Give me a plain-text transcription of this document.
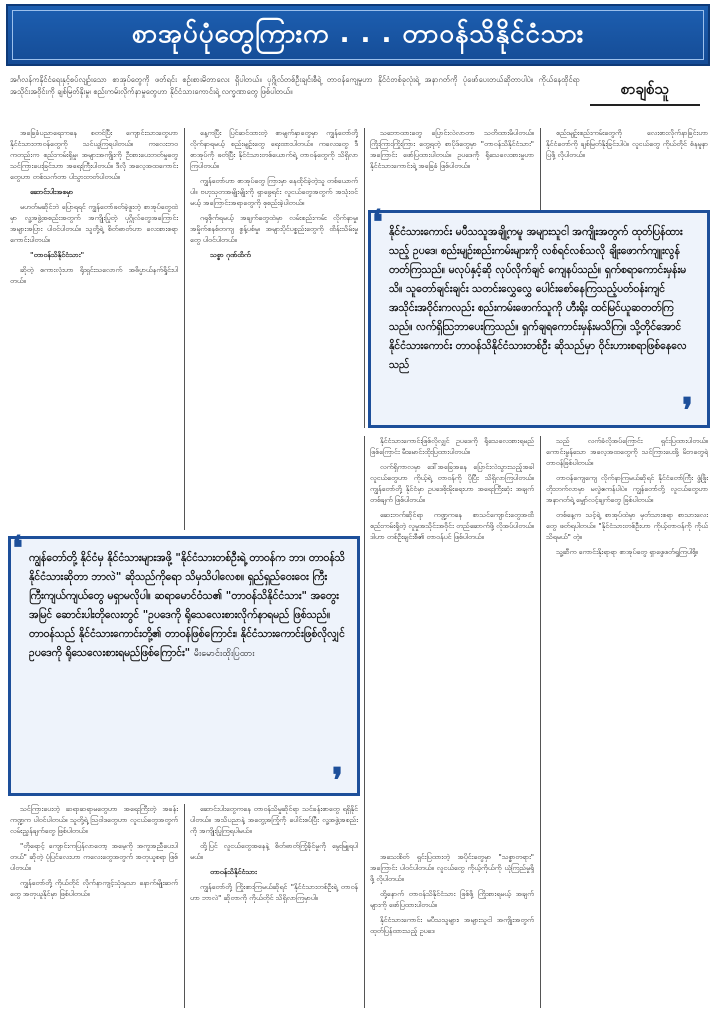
စာအုပ်ပုံတွေကြားက . . . တာဝန်သိနိုင်ငံသား
အင်္ဂလန်ကနိုင်ငံရေးနှင့်စပ်လျဉ်းသော စာအုပ်တွေကို ဖတ်ရင်း စဉ်းစားမိတာလေး ရှိပါတယ်။ ပုဂ္ဂိုလ်တစ်ဦးချင်းစီရဲ့ တာဝန်ကျေမှုဟာ နိုင်ငံတစ်ခုလုံးရဲ့ အနာဂတ်ကို ပုံဖော်ပေးတယ်ဆိုတာပါပဲ။ ကိုယ်နေထိုင်ရာ အသိုင်းအဝိုင်းကို ချစ်မြတ်နိုးမှု၊ စည်းကမ်းလိုက်နာမှုတွေဟာ နိုင်ငံသားကောင်းရဲ့ လက္ခဏာတွေ ဖြစ်ပါတယ်။	စာချစ်သူ

အခြေခံပညာရေးကနေ စတင်ပြီး ကျောင်းသားတွေဟာ နိုင်ငံသားတာဝန်တွေကို သင်ယူကြရပါတယ်။ ကလေးဘဝကတည်းက စည်းကမ်းရှိမှု၊ အများအကျိုးကို ဦးစားပေးတတ်မှုတွေ သင်ကြားပေးခြင်းဟာ အရေးကြီးပါတယ်။ ဒီလို အလေ့အထကောင်းတွေဟာ တစ်သက်တာ ပါသွားတတ်ပါတယ်။

ဆောင်းပါးအစမှာ

မဟတ်မဆိုင်ဘဲ ပြောရရင် ကျွန်တော်ဖတ်ခဲ့ဖူးတဲ့ စာအုပ်တွေထဲမှာ လူ့အဖွဲ့အစည်းအတွက် အကျိုးပြုတဲ့ ပုဂ္ဂိုလ်တွေအကြောင်း အများအပြား ပါဝင်ပါတယ်။ သူတို့ရဲ့ စိတ်ဓာတ်ဟာ လေးစားစရာကောင်းပါတယ်။

"တာဝန်သိနိုင်ငံသား"

ဆိုတဲ့ စကားလုံးဟာ ရိုးရှင်းသလောက် အဓိပ္ပာယ်နက်ရှိုင်းပါတယ်။

နေ့ကပြီး ပြင်ဆင်ထားတဲ့ စာမျက်နှာတွေမှာ ကျွန်တော်တို့ လိုက်နာရမယ့် စည်းမျဉ်းတွေ ရေးထားပါတယ်။ ကလေးတွေ ဒီစာအုပ်ကို ဖတ်ပြီး နိုင်ငံသားတစ်ယောက်ရဲ့ တာဝန်တွေကို သိရှိလာကြပါတယ်။

ကျွန်တော်ဟာ စာအုပ်တွေ ကြားမှာ နေထိုင်ခဲ့တဲ့သူ တစ်ယောက်ပါ။ ဗဟုသုတအမျိုးမျိုးကို ရှာဖွေရင်း လူငယ်တွေအတွက် အသုံးဝင်မယ့် အကြောင်းအရာတွေကို စုစည်းခဲ့ပါတယ်။

ဂရုစိုက်ရမယ့် အချက်တွေထဲမှာ လမ်းစည်းကမ်း လိုက်နာမှု၊ အမှိုက်စနစ်တကျ စွန့်ပစ်မှု၊ အများပိုင်ပစ္စည်းတွေကို ထိန်းသိမ်းမှုတွေ ပါဝင်ပါတယ်။

သစ္စာ ဂုဏ်ထိက်

သဘောထားတွေ ပြောင်းလဲလာတာ သတိထားမိပါတယ်။ ကြိုးကြားကြိုးကြား တွေ့ရတဲ့ စာပိုဒ်တွေမှာ "တာဝန်သိနိုင်ငံသား" အကြောင်း ဖော်ပြထားပါတယ်။ ဥပဒေကို ရိုသေလေးစားမှုဟာ နိုင်ငံသားကောင်းရဲ့ အခြေခံ ဖြစ်ပါတယ်။

စည်းမျဉ်းစည်းကမ်းတွေကို လေးစားလိုက်နာခြင်းဟာ နိုင်ငံတော်ကို ချစ်မြတ်နိုးခြင်းပါပဲ။ လူငယ်တွေ ကိုယ်တိုင် စံနမူနာပြဖို့ လိုပါတယ်။

နိုင်ငံသားကောင်း မပီသသူအချို့ကမူ အများသူငါ အကျိုးအတွက် ထုတ်ပြန်ထားသည့် ဥပဒေ၊ စည်းမျဉ်းစည်းကမ်းများကို လစ်ရင်လစ်သလို ချိုးဖောက်ကျူးလွန်တတ်ကြသည်။ မလုပ်နှင့်ဆို လုပ်လိုက်ချင် ကျေနပ်သည်။ ရှက်စရာကောင်းမှန်းမသိ။ သူတော်ချင်းချင်း သတင်းလွှေလွှေ ပေါင်းစော်နေကြသည့်ပတ်ဝန်းကျင် အသိုင်းအဝိုင်းကလည်း စည်းကမ်းဖောက်သူကို ဟီးရိုး ထင်မြင်ယူဆတတ်ကြသည်။ လက်ရှိသြဘာပေးကြသည်။ ရှက်ချရကောင်းမှန်းမသိကြ။ သို့တိုင်အောင် နိုင်ငံသားကောင်း တာဝန်သိနိုင်ငံသားတစ်ဦး ဆိုသည်မှာ ဝိုင်းဟားစရာဖြစ်နေလေသည်
❛
❜

နိုင်ငံသားကောင်းဖြစ်လိုလျှင် ဥပဒေကို ရိုသေလေးစားရမည်ဖြစ်ကြောင်း မီးမောင်းထိုးပြထားပါတယ်။

လက်ရှိကာလမှာ ဒေါ်အခြေအနေ ပြောင်းလဲသွားသည့်အခါ လူငယ်တွေဟာ ကိုယ့်ရဲ့ တာဝန်ကို ပိုပြီး သိရှိလာကြပါတယ်။ ကျွန်တော်တို့ နိုင်ငံမှာ ဥပဒေစိုးမိုးရေးဟာ အရေးကြီးဆုံး အချက်တစ်ချက် ဖြစ်ပါတယ်။

ဆေးဘက်ဆိုင်ရာ ကဏ္ဍကနေ စာသင်ကျောင်းတွေအထိ စည်းကမ်းရှိတဲ့ လူမှုအသိုင်းအဝိုင်း တည်ဆောက်ဖို့ လိုအပ်ပါတယ်။ ဒါဟာ တစ်ဦးချင်းစီ၏ တာဝန်ပင် ဖြစ်ပါတယ်။

သည် လက်ခံလိုအပ်ကြောင်း ရှင်းပြထားပါတယ်။ ကောင်းမွန်သော အလေ့အထတွေကို သင်ကြားပေးဖို့ မိဘတွေရဲ့ တာဝန်ဖြစ်ပါတယ်။

တာဝန်ကျေကျေ လိုက်နာကြမယ်ဆိုရင် နိုင်ငံတော်ကြီး ဖွံ့ဖြိုးတိုးတက်လာမှာ မလွဲဧကန်ပါပဲ။ ကျွန်တော်တို့ လူငယ်တွေဟာ အနာဂတ်ရဲ့ မျှော်လင့်ချက်တွေ ဖြစ်ပါတယ်။

တစ်နေ့က သင့်ရဲ့ စာအုပ်ထဲမှာ မှတ်သားစရာ စာသားလေးတွေ ဖတ်ရပါတယ်။ "နိုင်ငံသားတစ်ဦးဟာ ကိုယ့်တာဝန်ကို ကိုယ်သိရမယ်" တဲ့။

သူ့ဆီက ကောင်းနိုးရာရာ စာအုပ်တွေ ရှာဖွေဖတ်ရှုကြပါစို့။

ကျွန်တော်တို့ နိုင်ငံမှ နိုင်ငံသားများအဖို့ "နိုင်ငံသားတစ်ဦးရဲ့ တာဝန်က ဘာ၊ တာဝန်သိနိုင်ငံသားဆိုတာ ဘာလဲ" ဆိုသည်ကိုရော သိမှသိပါလေစ။ ရှည်ရှည်ဝေးဝေး ကြီးကြီးကျယ်ကျယ်တွေ မရှာမလိုပါ။ ဆရာမောင်ဝံသ၏ "တာဝန်သိနိုင်ငံသား" အတွေးအမြင် ဆောင်းပါးတိုလေးတွင် "ဥပဒေကို ရိုသေလေးစားလိုက်နာရမည် ဖြစ်သည်။ တာဝန်သည် နိုင်ငံသားကောင်းတို့၏ တာဝန်ဖြစ်ကြောင်း၊ နိုင်ငံသားကောင်းဖြစ်လိုလျှင် ဥပဒေကို ရိုသေလေးစားရမည်ဖြစ်ကြောင်း" မီးမောင်းထိုးပြထား
❛
❜

သင်ကြားပေးတဲ့ ဆရာဆရာမတွေဟာ အရေးကြီးတဲ့ အခန်းကဏ္ဍက ပါဝင်ပါတယ်။ သူတို့ရဲ့ သြဝါဒတွေဟာ လူငယ်တွေအတွက် လမ်းညွှန်ချက်တွေ ဖြစ်ပါတယ်။

"တိုရောင့် ကျောင်းကပြန်လာတော့ အမေ့ကို အကူအညီပေးပါတယ်" ဆိုတဲ့ ပုံပြင်လေးဟာ ကလေးတွေအတွက် အတုယူစရာ ဖြစ်ပါတယ်။

ကျွန်တော်တို့ ကိုယ်တိုင် လိုက်နာကျင့်သုံးမှသာ နောက်မျိုးဆက်တွေ အတုယူနိုင်မှာ ဖြစ်ပါတယ်။

ဆောင်းပါးတွေကနေ တာဝန်သိမှုဆိုင်ရာ သင်ခန်းစာတွေ ရရှိနိုင်ပါတယ်။ အသိပညာနဲ့ အတွေ့အကြုံကို ပေါင်းစပ်ပြီး လူ့အဖွဲ့အစည်းကို အကျိုးပြုကြရပါမယ်။

ထို့ပြင် လူငယ်တွေအနေနဲ့ စိတ်ဓာတ်ကြံ့ခိုင်မှုကို မွေးမြူရပါမယ်။

တာဝန်သိနိုင်ငံသား

ကျွန်တော်တို့ ကြိုးစားကြမယ်ဆိုရင် "နိုင်ငံသားတစ်ဦးရဲ့ တာဝန်ဟာ ဘာလဲ" ဆိုတာကို ကိုယ်တိုင် သိရှိလာကြမှာပါ။

အသေးစိတ် ရှင်းပြထားတဲ့ အပိုင်းတွေမှာ "သစ္စာတရား" အကြောင်း ပါဝင်ပါတယ်။ လူငယ်တွေ ကိုယ့်ကိုယ်ကို ယုံကြည်မှုရှိဖို့ လိုပါတယ်။

ထို့နောက် တာဝန်သိနိုင်ငံသား ဖြစ်ဖို့ ကြိုးစားရမယ့် အချက်များကို ဖော်ပြထားပါတယ်။

နိုင်ငံသားကောင်း မပီသသူများ၊ အများသူငါ အကျိုးအတွက် ထုတ်ပြန်ထားသည့် ဥပဒေ
